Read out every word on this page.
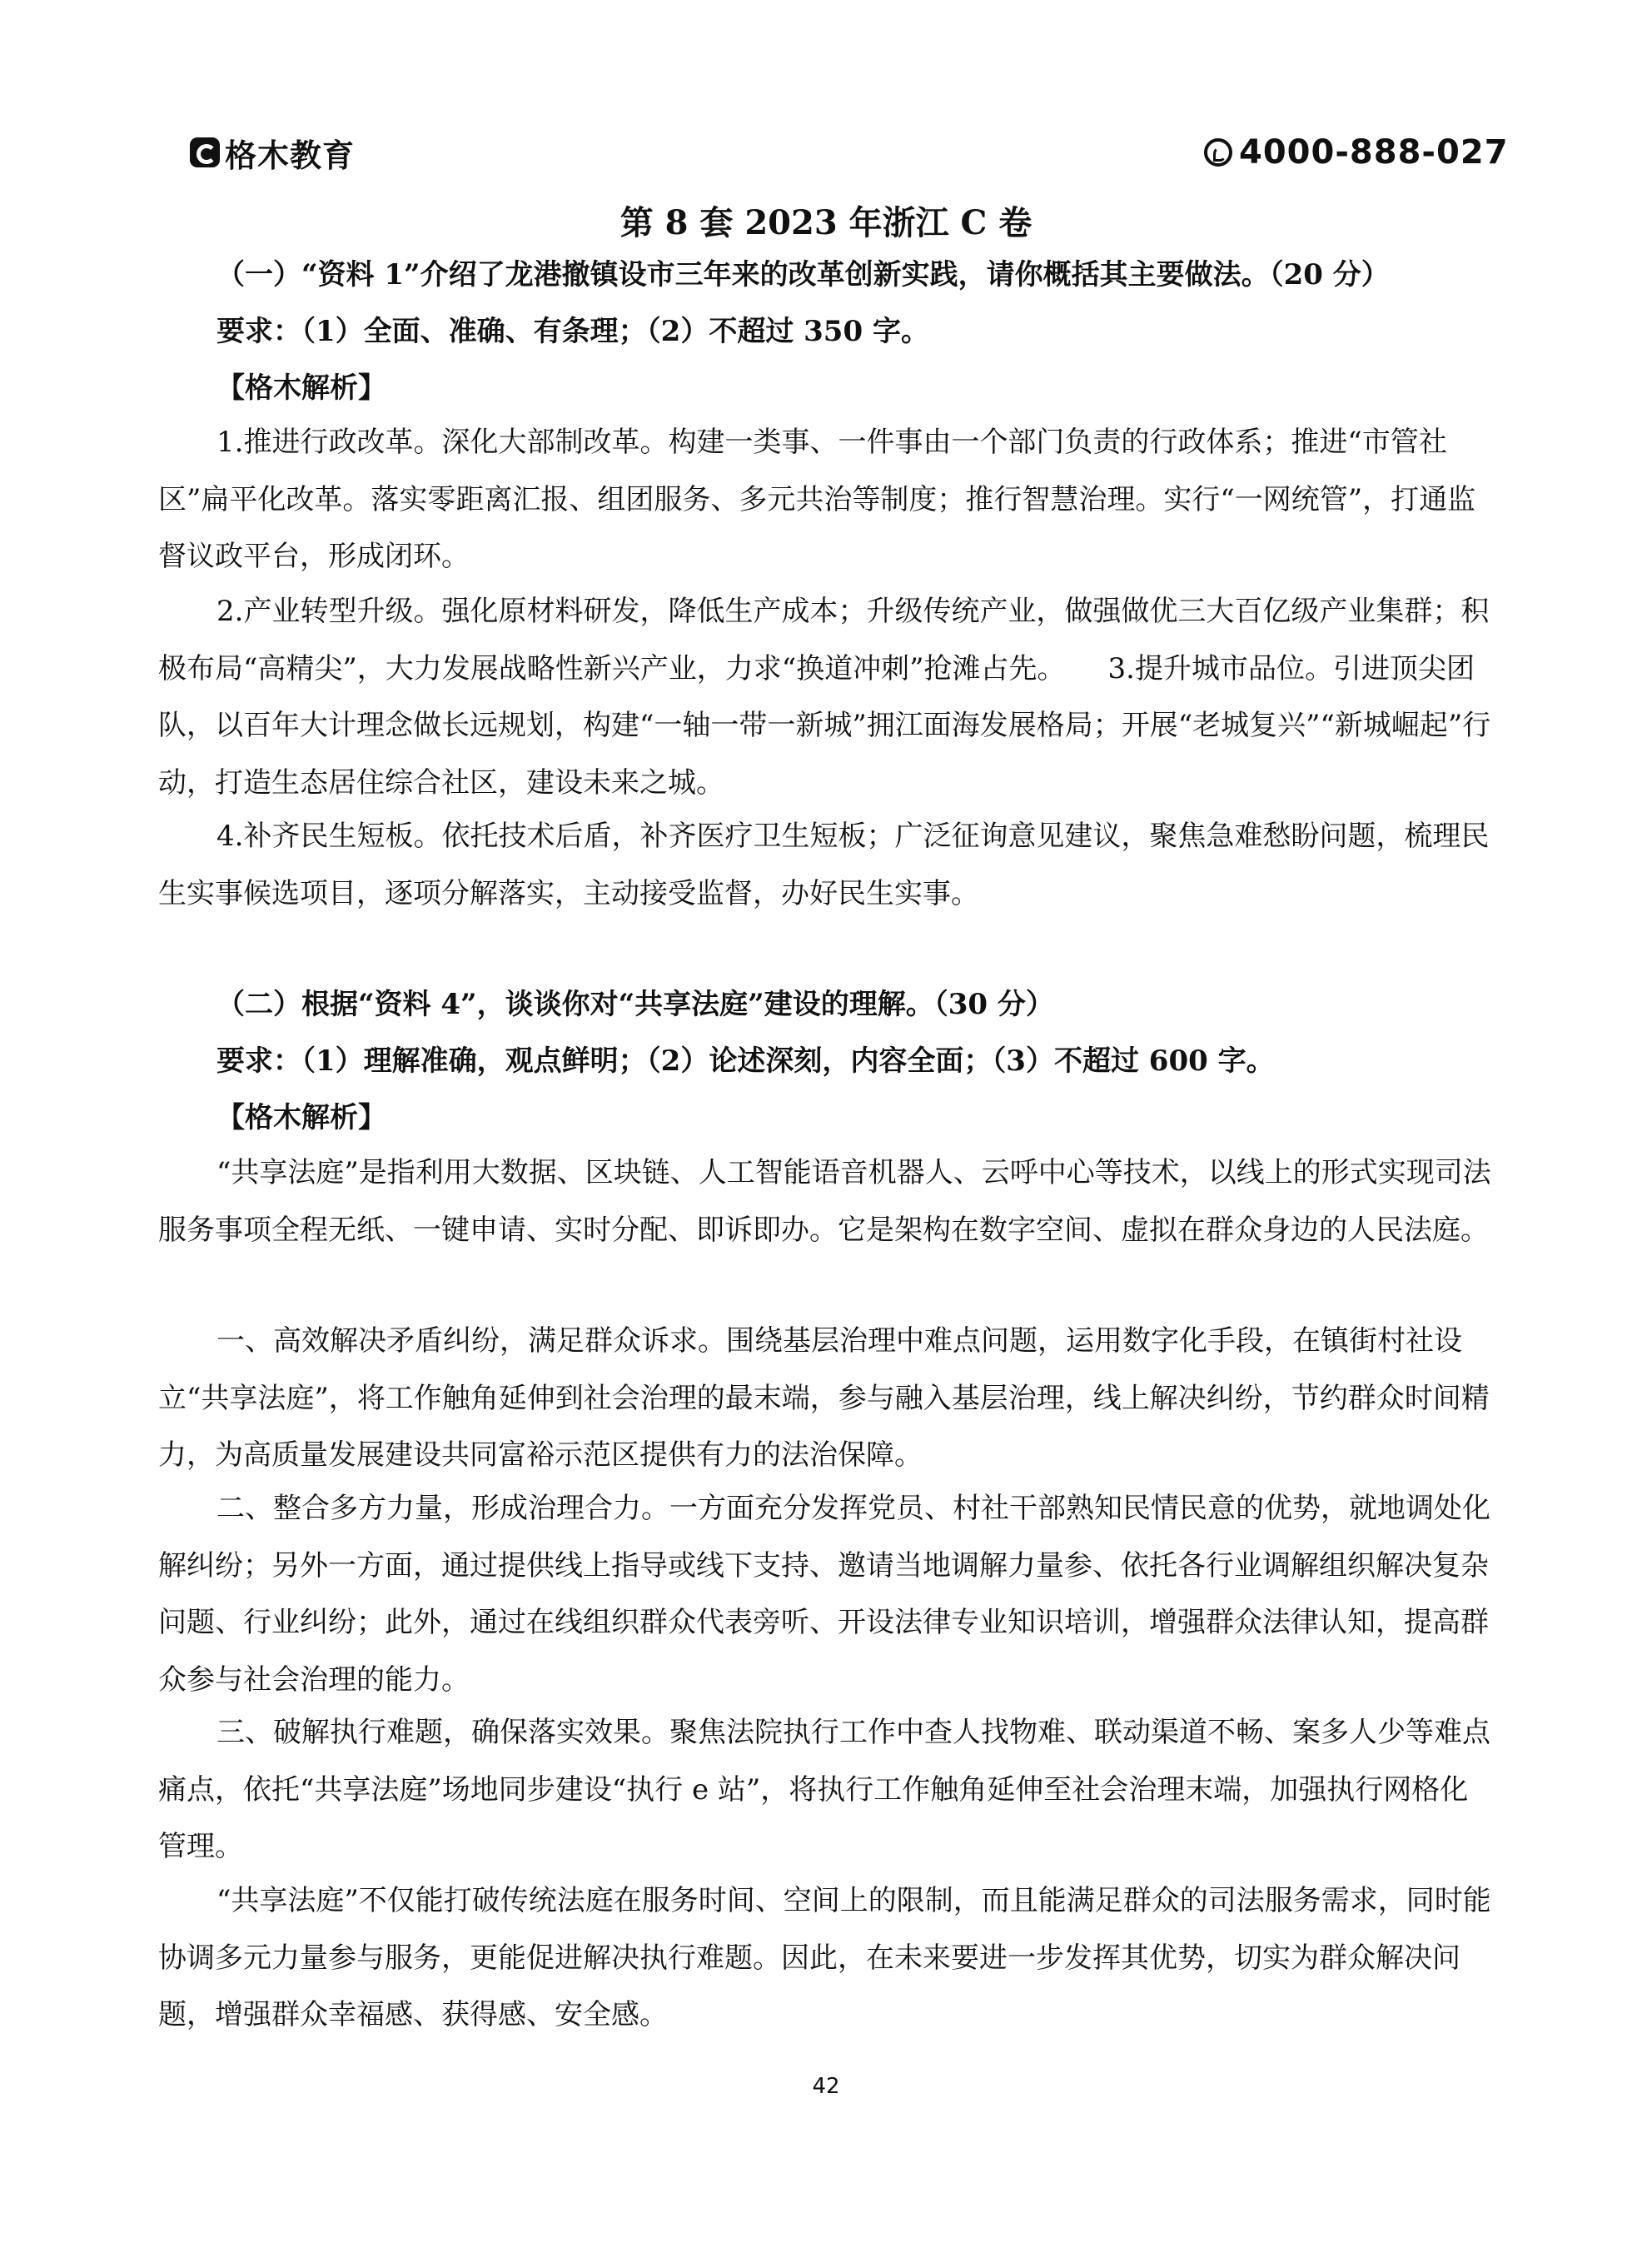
格木教育	4000-888-027
第 8 套 2023 年浙江 C 卷

（一）“资料 1”介绍了龙港撤镇设市三年来的改革创新实践，请你概括其主要做法。（20 分）

要求：（1）全面、准确、有条理；（2）不超过 350 字。

【格木解析】

1.推进行政改革。深化大部制改革。构建一类事、一件事由一个部门负责的行政体系；推进“市管社区”扁平化改革。落实零距离汇报、组团服务、多元共治等制度；推行智慧治理。实行“一网统管”，打通监督议政平台，形成闭环。

2.产业转型升级。强化原材料研发，降低生产成本；升级传统产业，做强做优三大百亿级产业集群；积极布局“高精尖”，大力发展战略性新兴产业，力求“换道冲刺”抢滩占先。　　3.提升城市品位。引进顶尖团队，以百年大计理念做长远规划，构建“一轴一带一新城”拥江面海发展格局；开展“老城复兴”“新城崛起”行动，打造生态居住综合社区，建设未来之城。

4.补齐民生短板。依托技术后盾，补齐医疗卫生短板；广泛征询意见建议，聚焦急难愁盼问题，梳理民生实事候选项目，逐项分解落实，主动接受监督，办好民生实事。

（二）根据“资料 4”，谈谈你对“共享法庭”建设的理解。（30 分）

要求：（1）理解准确，观点鲜明；（2）论述深刻，内容全面；（3）不超过 600 字。

【格木解析】

“共享法庭”是指利用大数据、区块链、人工智能语音机器人、云呼中心等技术，以线上的形式实现司法服务事项全程无纸、一键申请、实时分配、即诉即办。它是架构在数字空间、虚拟在群众身边的人民法庭。

一、高效解决矛盾纠纷，满足群众诉求。围绕基层治理中难点问题，运用数字化手段，在镇街村社设立“共享法庭”，将工作触角延伸到社会治理的最末端，参与融入基层治理，线上解决纠纷，节约群众时间精力，为高质量发展建设共同富裕示范区提供有力的法治保障。

二、整合多方力量，形成治理合力。一方面充分发挥党员、村社干部熟知民情民意的优势，就地调处化解纠纷；另外一方面，通过提供线上指导或线下支持、邀请当地调解力量参、依托各行业调解组织解决复杂问题、行业纠纷；此外，通过在线组织群众代表旁听、开设法律专业知识培训，增强群众法律认知，提高群众参与社会治理的能力。

三、破解执行难题，确保落实效果。聚焦法院执行工作中查人找物难、联动渠道不畅、案多人少等难点痛点，依托“共享法庭”场地同步建设“执行 e 站”，将执行工作触角延伸至社会治理末端，加强执行网格化管理。

“共享法庭”不仅能打破传统法庭在服务时间、空间上的限制，而且能满足群众的司法服务需求，同时能协调多元力量参与服务，更能促进解决执行难题。因此，在未来要进一步发挥其优势，切实为群众解决问题，增强群众幸福感、获得感、安全感。

42
